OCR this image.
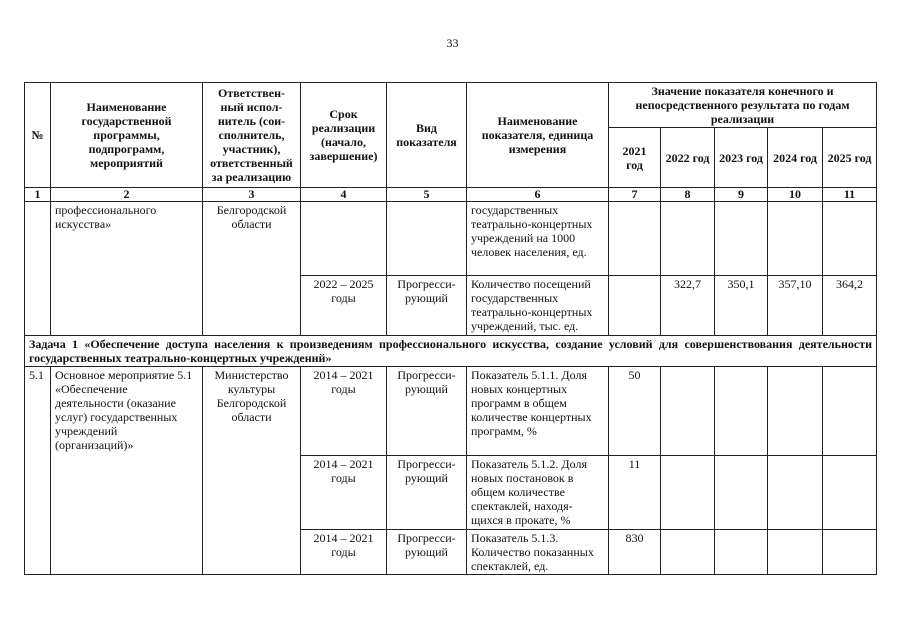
33
№	Наименование государственной программы, подпрограмм, мероприятий	Ответствен-ный испол-нитель (сои-сполнитель, участник), ответственный за реализацию	Срок реализации (начало, завершение)	Вид показателя	Наименование показателя, единица измерения	Значение показателя конечного и непосредственного результата по годам реализации				
						2021 год	2022 год	2023 год	2024 год	2025 год
1	2	3	4	5	6	7	8	9	10	11
	профессионального искусства»	Белгородской области			государственных театрально-концертных учреждений на 1000 человек населения, ед.					
			2022 – 2025 годы	Прогресси-рующий	Количество посещений государственных театрально-концертных учреждений, тыс. ед.		322,7	350,1	357,10	364,2
Задача 1 «Обеспечение доступа населения к произведениям профессионального искусства, создание условий для совершенствования деятельности государственных театрально-концертных учреждений»										
5.1	Основное мероприятие 5.1 «Обеспечение деятельности (оказание услуг) государственных учреждений (организаций)»	Министерство культуры Белгородской области	2014 – 2021 годы	Прогресси-рующий	Показатель 5.1.1. Доля новых концертных программ в общем количестве концертных программ, %	50				
			2014 – 2021 годы	Прогресси-рующий	Показатель 5.1.2. Доля новых постановок в общем количестве спектаклей, находя-щихся в прокате, %	11				
			2014 – 2021 годы	Прогресси-рующий	Показатель 5.1.3. Количество показанных спектаклей, ед.	830				
